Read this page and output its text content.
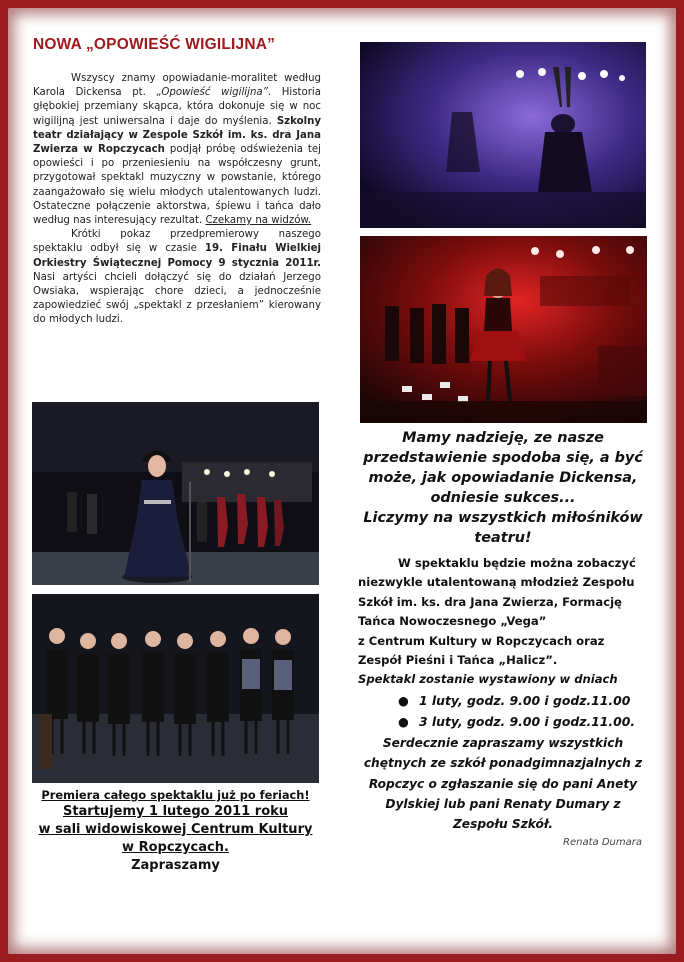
NOWA „OPOWIEŚĆ WIGILIJNA”

Wszyscy znamy opowiadanie-moralitet według Karola Dickensa pt. „Opowieść wigilijna”. Historia głębokiej przemiany skąpca, która dokonuje się w noc wigilijną jest uniwersalna i daje do myślenia. Szkolny teatr działający w Zespole Szkół im. ks. dra Jana Zwierza w Ropczycach podjął próbę odświeżenia tej opowieści i po przeniesieniu na współczesny grunt, przygotował spektakl muzyczny w powstanie, którego zaangażowało się wielu młodych utalentowanych ludzi. Ostateczne połączenie aktorstwa, śpiewu i tańca dało według nas interesujący rezultat. Czekamy na widzów.

Krótki pokaz przedpremierowy naszego spektaklu odbył się w czasie 19. Finału Wielkiej Orkiestry Świątecznej Pomocy 9 stycznia 2011r. Nasi artyści chcieli dołączyć się do działań Jerzego Owsiaka, wspierając chore dzieci, a jednocześnie zapowiedzieć swój „spektakl z przesłaniem” kierowany do młodych ludzi.

Premiera całego spektaklu już po feriach!
Startujemy 1 lutego 2011 roku
w sali widowiskowej Centrum Kultury
w Ropczycach.
Zapraszamy

Mamy nadzieję, ze nasze przedstawienie spodoba się, a być może, jak opowiadanie Dickensa, odniesie sukces...
Liczymy na wszystkich miłośników teatru!

W spektaklu będzie można zobaczyć niezwykle utalentowaną młodzież Zespołu Szkół im. ks. dra Jana Zwierza, Formację Tańca Nowoczesnego „Vega”
z Centrum Kultury w Ropczycach oraz
Zespół Pieśni i Tańca „Halicz”.
Spektakl zostanie wystawiony w dniach
● 1 luty, godz. 9.00 i godz.11.00
● 3 luty, godz. 9.00 i godz.11.00.
Serdecznie zapraszamy wszystkich chętnych ze szkół ponadgimnazjalnych z Ropczyc o zgłaszanie się do pani Anety Dylskiej lub pani Renaty Dumary z Zespołu Szkół.
Renata Dumara
